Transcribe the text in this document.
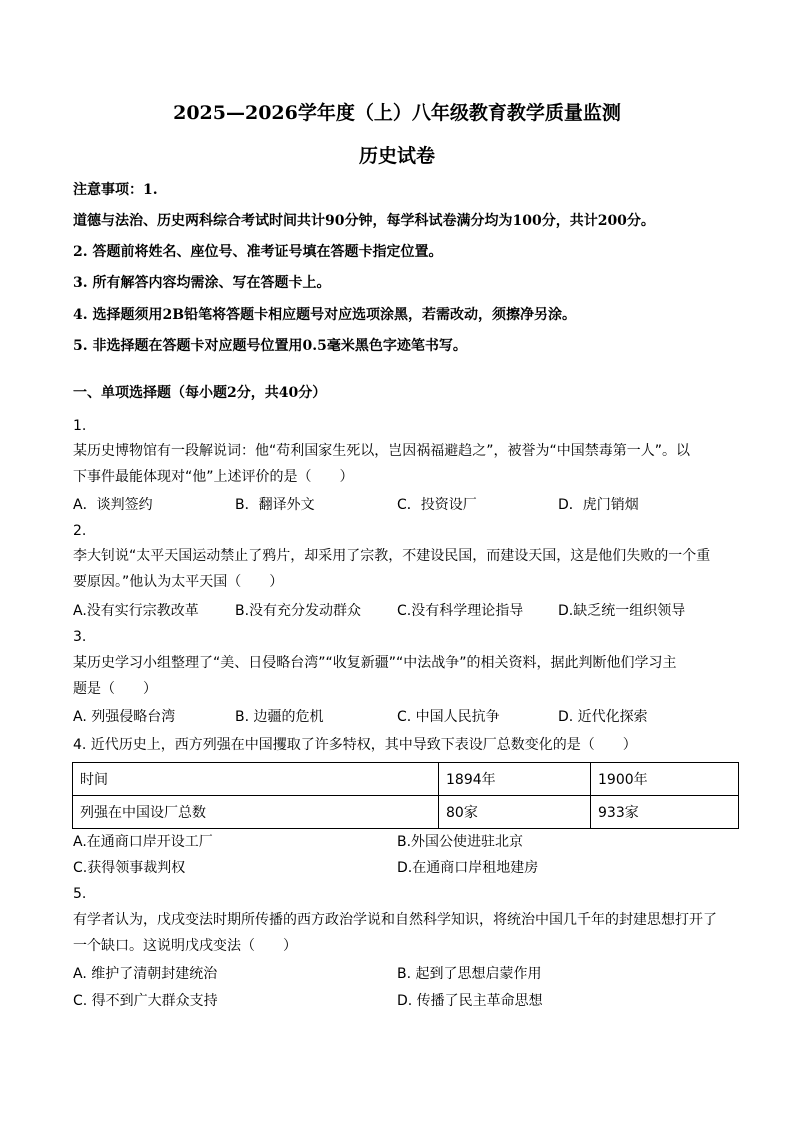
2025—2026学年度（上）八年级教育教学质量监测
历史试卷
注意事项：1.
道德与法治、历史两科综合考试时间共计90分钟，每学科试卷满分均为100分，共计200分。
2. 答题前将姓名、座位号、准考证号填在答题卡指定位置。
3. 所有解答内容均需涂、写在答题卡上。
4. 选择题须用2B铅笔将答题卡相应题号对应选项涂黑，若需改动，须擦净另涂。
5. 非选择题在答题卡对应题号位置用0.5毫米黑色字迹笔书写。
一、单项选择题（每小题2分，共40分）
1.
某历史博物馆有一段解说词：他“苟利国家生死以，岂因祸福避趋之”，被誉为“中国禁毒第一人”。以
下事件最能体现对“他”上述评价的是（　　）
A．谈判签约	B．翻译外文	C．投资设厂	D．虎门销烟
2.
李大钊说“太平天国运动禁止了鸦片，却采用了宗教，不建设民国，而建设天国，这是他们失败的一个重
要原因。”他认为太平天国（　　）
A.没有实行宗教改革	B.没有充分发动群众	C.没有科学理论指导 D.缺乏统一组织领导
3.
某历史学习小组整理了“美、日侵略台湾”“收复新疆”“中法战争”的相关资料，据此判断他们学习主
题是（　　）
A. 列强侵略台湾	B. 边疆的危机	C. 中国人民抗争	D. 近代化探索
4. 近代历史上，西方列强在中国攫取了许多特权，其中导致下表设厂总数变化的是（　　）
时间	1894年	1900年
列强在中国设厂总数	80家	933家
A.在通商口岸开设工厂	B.外国公使进驻北京
C.获得领事裁判权	D.在通商口岸租地建房
5.
有学者认为，戊戌变法时期所传播的西方政治学说和自然科学知识，将统治中国几千年的封建思想打开了
一个缺口。这说明戊戌变法（　　）
A. 维护了清朝封建统治	B. 起到了思想启蒙作用
C. 得不到广大群众支持	D. 传播了民主革命思想
